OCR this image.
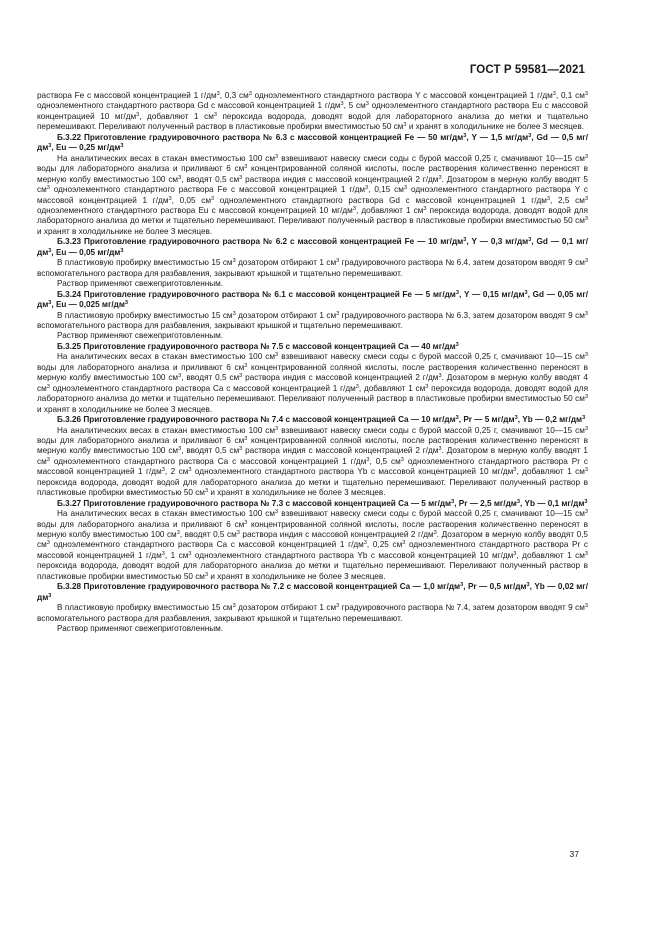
ГОСТ Р 59581—2021

раствора Fe с массовой концентрацией 1 $г/дм^3$, 0,3 $см^3$ одноэлементного стандартного раствора Y с массовой концентрацией 1 $г/дм^3$, 0,1 $см^3$ одноэлементного стандартного раствора Gd с массовой концентрацией 1 $г/дм^3$, 5 $см^3$ одноэлементного стандартного раствора Eu с массовой концентрацией 10 $мг/дм^3$, добавляют 1 $см^3$ пероксида водорода, доводят водой для лабораторного анализа до метки и тщательно перемешивают. Переливают полученный раствор в пластиковые пробирки вместимостью 50 $см^3$ и хранят в холодильнике не более 3 месяцев.

Б.3.22 Приготовление градуировочного раствора № 6.3 с массовой концентрацией Fe — 50 $мг/дм^3$, Y — 1,5 $мг/дм^3$, Gd — 0,5 $мг/дм^3$, Eu — 0,25 $мг/дм^3$

На аналитических весах в стакан вместимостью 100 $см^3$ взвешивают навеску смеси соды с бурой массой 0,25 г, смачивают 10—15 $см^3$ воды для лабораторного анализа и приливают 6 $см^3$ концентрированной соляной кислоты, после растворения количественно переносят в мерную колбу вместимостью 100 $см^3$, вводят 0,5 $см^3$ раствора индия с массовой концентрацией 2 $г/дм^3$. Дозатором в мерную колбу вводят 5 $см^3$ одноэлементного стандартного раствора Fe с массовой концентрацией 1 $г/дм^3$, 0,15 $см^3$ одноэлементного стандартного раствора Y с массовой концентрацией 1 $г/дм^3$, 0,05 $см^3$ одноэлементного стандартного раствора Gd с массовой концентрацией 1 $г/дм^3$, 2,5 $см^3$ одноэлементного стандартного раствора Eu с массовой концентрацией 10 $мг/дм^3$, добавляют 1 $см^3$ пероксида водорода, доводят водой для лабораторного анализа до метки и тщательно перемешивают. Переливают полученный раствор в пластиковые пробирки вместимостью 50 $см^3$ и хранят в холодильнике не более 3 месяцев.

Б.3.23 Приготовление градуировочного раствора № 6.2 с массовой концентрацией Fe — 10 $мг/дм^3$, Y — 0,3 $мг/дм^3$, Gd — 0,1 $мг/дм^3$, Eu — 0,05 $мг/дм^3$

В пластиковую пробирку вместимостью 15 $см^3$ дозатором отбирают 1 $см^3$ градуировочного раствора № 6.4, затем дозатором вводят 9 $см^3$ вспомогательного раствора для разбавления, закрывают крышкой и тщательно перемешивают.

Раствор применяют свежеприготовленным.

Б.3.24 Приготовление градуировочного раствора № 6.1 с массовой концентрацией Fe — 5 $мг/дм^3$, Y — 0,15 $мг/дм^3$, Gd — 0,05 $мг/дм^3$, Eu — 0,025 $мг/дм^3$

В пластиковую пробирку вместимостью 15 $см^3$ дозатором отбирают 1 $см^3$ градуировочного раствора № 6.3, затем дозатором вводят 9 $см^3$ вспомогательного раствора для разбавления, закрывают крышкой и тщательно перемешивают.

Раствор применяют свежеприготовленным.

Б.3.25 Приготовление градуировочного раствора № 7.5 с массовой концентрацией Ca — 40 $мг/дм^3$

На аналитических весах в стакан вместимостью 100 $см^3$ взвешивают навеску смеси соды с бурой массой 0,25 г, смачивают 10—15 $см^3$ воды для лабораторного анализа и приливают 6 $см^3$ концентрированной соляной кислоты, после растворения количественно переносят в мерную колбу вместимостью 100 $см^3$, вводят 0,5 $см^3$ раствора индия с массовой концентрацией 2 $г/дм^3$. Дозатором в мерную колбу вводят 4 $см^3$ одноэлементного стандартного раствора Ca с массовой концентрацией 1 $г/дм^3$, добавляют 1 $см^3$ пероксида водорода, доводят водой для лабораторного анализа до метки и тщательно перемешивают. Переливают полученный раствор в пластиковые пробирки вместимостью 50 $см^3$ и хранят в холодильнике не более 3 месяцев.

Б.3.26 Приготовление градуировочного раствора № 7.4 с массовой концентрацией Ca — 10 $мг/дм^3$, Pr — 5 $мг/дм^3$, Yb — 0,2 $мг/дм^3$

На аналитических весах в стакан вместимостью 100 $см^3$ взвешивают навеску смеси соды с бурой массой 0,25 г, смачивают 10—15 $см^3$ воды для лабораторного анализа и приливают 6 $см^3$ концентрированной соляной кислоты, после растворения количественно переносят в мерную колбу вместимостью 100 $см^3$, вводят 0,5 $см^3$ раствора индия с массовой концентрацией 2 $г/дм^3$. Дозатором в мерную колбу вводят 1 $см^3$ одноэлементного стандартного раствора Ca с массовой концентрацией 1 $г/дм^3$, 0,5 $см^3$ одноэлементного стандартного раствора Pr с массовой концентрацией 1 $г/дм^3$, 2 $см^3$ одноэлементного стандартного раствора Yb с массовой концентрацией 10 $мг/дм^3$, добавляют 1 $см^3$ пероксида водорода, доводят водой для лабораторного анализа до метки и тщательно перемешивают. Переливают полученный раствор в пластиковые пробирки вместимостью 50 $см^3$ и хранят в холодильнике не более 3 месяцев.

Б.3.27 Приготовление градуировочного раствора № 7.3 с массовой концентрацией Ca — 5 $мг/дм^3$, Pr — 2,5 $мг/дм^3$, Yb — 0,1 $мг/дм^3$

На аналитических весах в стакан вместимостью 100 $см^3$ взвешивают навеску смеси соды с бурой массой 0,25 г, смачивают 10—15 $см^3$ воды для лабораторного анализа и приливают 6 $см^3$ концентрированной соляной кислоты, после растворения количественно переносят в мерную колбу вместимостью 100 $см^3$, вводят 0,5 $см^3$ раствора индия с массовой концентрацией 2 $г/дм^3$. Дозатором в мерную колбу вводят 0,5 $см^3$ одноэлементного стандартного раствора Ca с массовой концентрацией 1 $г/дм^3$, 0,25 $см^3$ одноэлементного стандартного раствора Pr с массовой концентрацией 1 $г/дм^3$, 1 $см^3$ одноэлементного стандартного раствора Yb с массовой концентрацией 10 $мг/дм^3$, добавляют 1 $см^3$ пероксида водорода, доводят водой для лабораторного анализа до метки и тщательно перемешивают. Переливают полученный раствор в пластиковые пробирки вместимостью 50 $см^3$ и хранят в холодильнике не более 3 месяцев.

Б.3.28 Приготовление градуировочного раствора № 7.2 с массовой концентрацией Ca — 1,0 $мг/дм^3$, Pr — 0,5 $мг/дм^3$, Yb — 0,02 $мг/дм^3$

В пластиковую пробирку вместимостью 15 $см^3$ дозатором отбирают 1 $см^3$ градуировочного раствора № 7.4, затем дозатором вводят 9 $см^3$ вспомогательного раствора для разбавления, закрывают крышкой и тщательно перемешивают.

Раствор применяют свежеприготовленным.

37
